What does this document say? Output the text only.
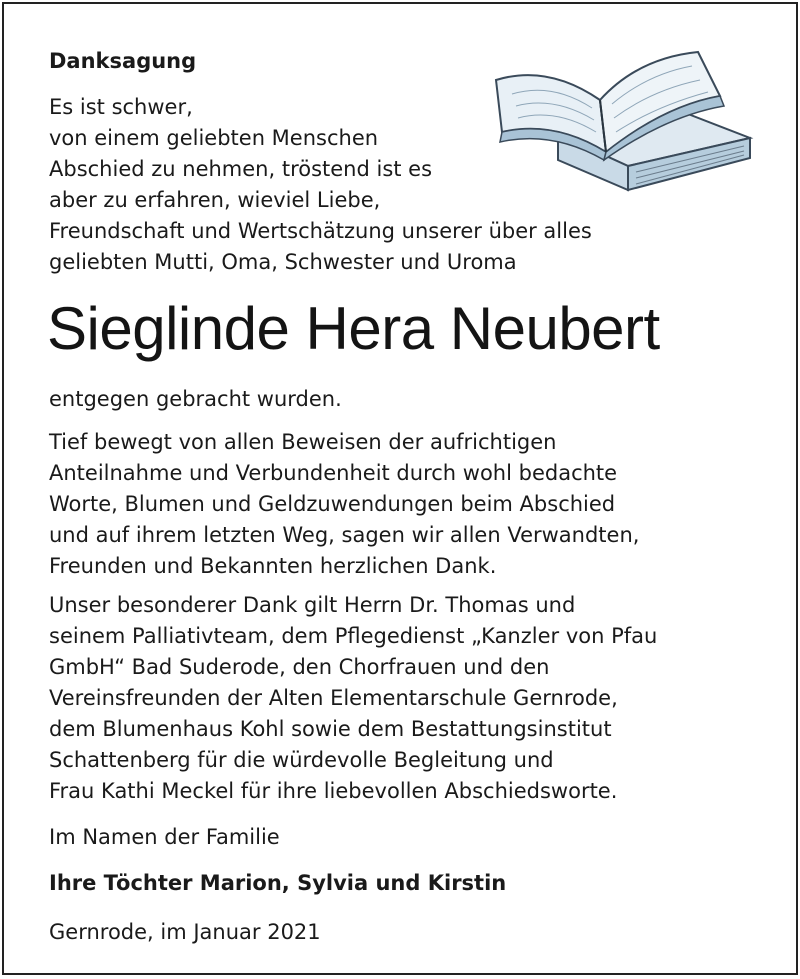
Danksagung
Es ist schwer,
von einem geliebten Menschen
Abschied zu nehmen, tröstend ist es
aber zu erfahren, wieviel Liebe,
Freundschaft und Wertschätzung unserer über alles
geliebten Mutti, Oma, Schwester und Uroma
Sieglinde Hera Neubert
entgegen gebracht wurden.
Tief bewegt von allen Beweisen der aufrichtigen
Anteilnahme und Verbundenheit durch wohl bedachte
Worte, Blumen und Geldzuwendungen beim Abschied
und auf ihrem letzten Weg, sagen wir allen Verwandten,
Freunden und Bekannten herzlichen Dank.
Unser besonderer Dank gilt Herrn Dr. Thomas und
seinem Palliativteam, dem Pflegedienst „Kanzler von Pfau
GmbH“ Bad Suderode, den Chorfrauen und den
Vereinsfreunden der Alten Elementarschule Gernrode,
dem Blumenhaus Kohl sowie dem Bestattungsinstitut
Schattenberg für die würdevolle Begleitung und
Frau Kathi Meckel für ihre liebevollen Abschiedsworte.
Im Namen der Familie
Ihre Töchter Marion, Sylvia und Kirstin
Gernrode, im Januar 2021
